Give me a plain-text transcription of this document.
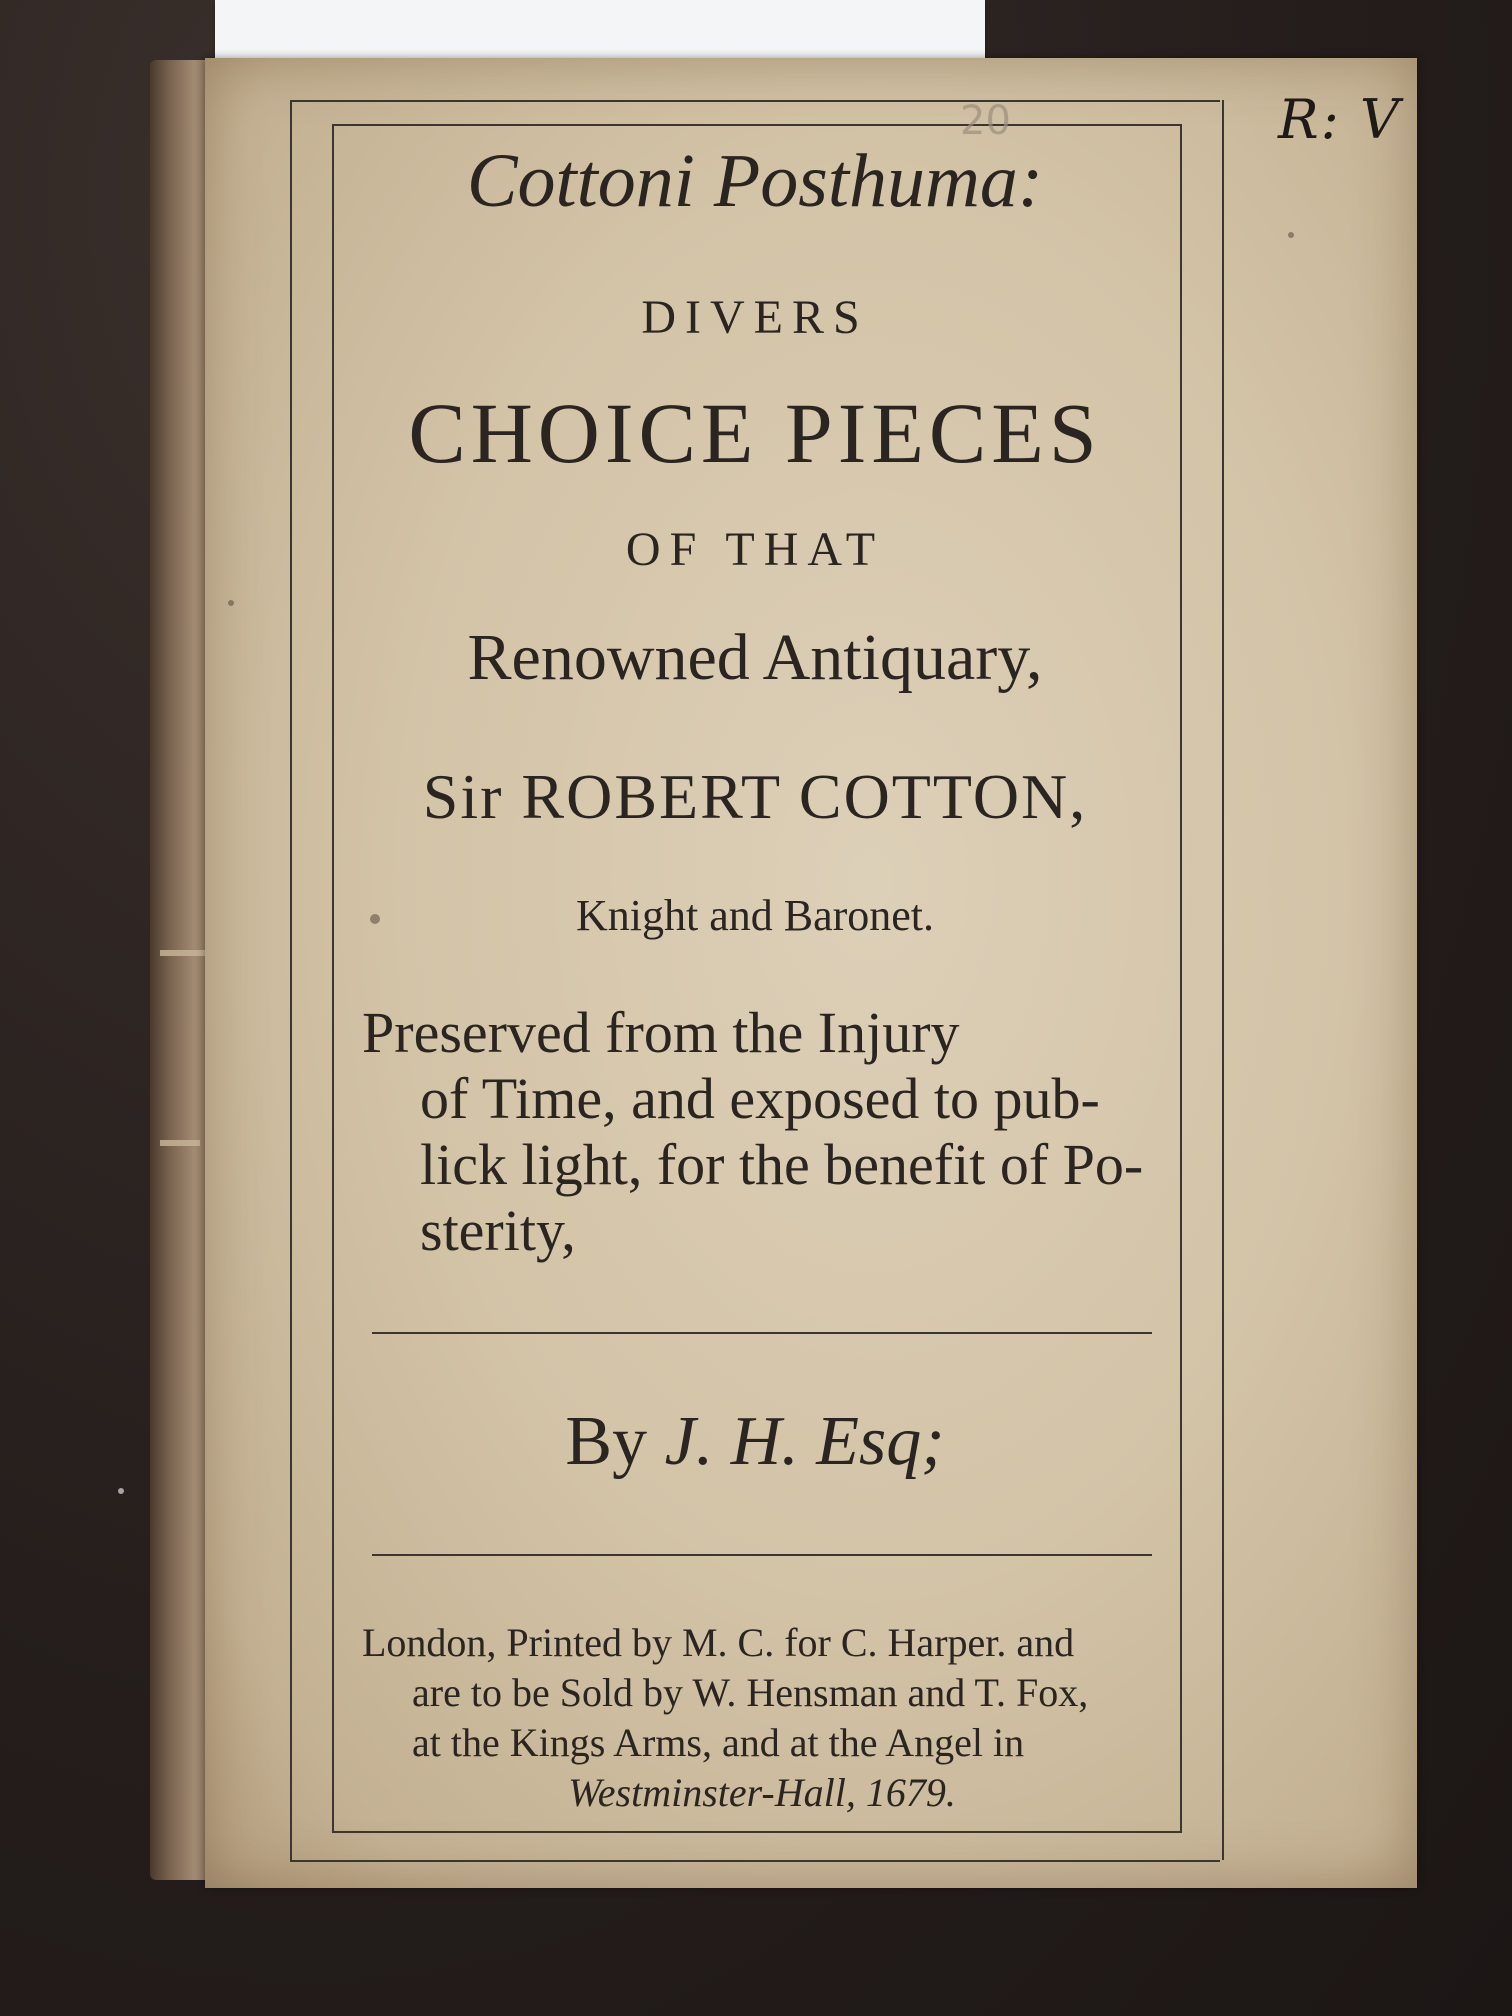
R: V
20

Cottoni Posthuma:

DIVERS

CHOICE PIECES

OF THAT

Renowned Antiquary,

Sir ROBERT COTTON,

Knight and Baronet.

Preserved from the Injury
of Time, and exposed to pub-
lick light, for the benefit of Po-
sterity,

By J. H. Esq;

London, Printed by M. C. for C. Harper. and
are to be Sold by W. Hensman and T. Fox,
at the Kings Arms, and at the Angel in
Westminster-Hall, 1679.
